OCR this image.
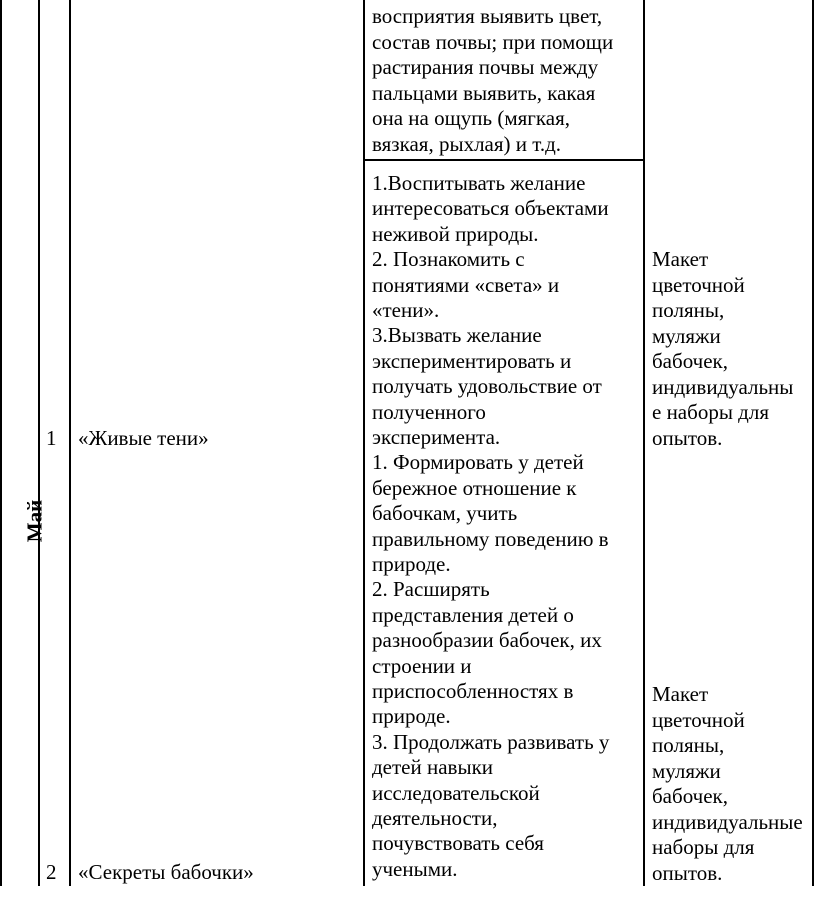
Май
1 «Живые тени»
2 «Секреты бабочки»
восприятия выявить цвет,
состав почвы; при помощи
растирания почвы между
пальцами выявить, какая
она на ощупь (мягкая,
вязкая, рыхлая) и т.д.
1.Воспитывать желание
интересоваться объектами
неживой природы.
2. Познакомить с
понятиями «света» и
«тени».
3.Вызвать желание
экспериментировать и
получать удовольствие от
полученного
эксперимента.
1. Формировать у детей
бережное отношение к
бабочкам, учить
правильному поведению в
природе.
2. Расширять
представления детей о
разнообразии бабочек, их
строении и
приспособленностях в
природе.
3. Продолжать развивать у
детей навыки
исследовательской
деятельности,
почувствовать себя
учеными.
Макет
цветочной
поляны,
муляжи
бабочек,
индивидуальны
е наборы для
опытов.
Макет
цветочной
поляны,
муляжи
бабочек,
индивидуальные
наборы для
опытов.
